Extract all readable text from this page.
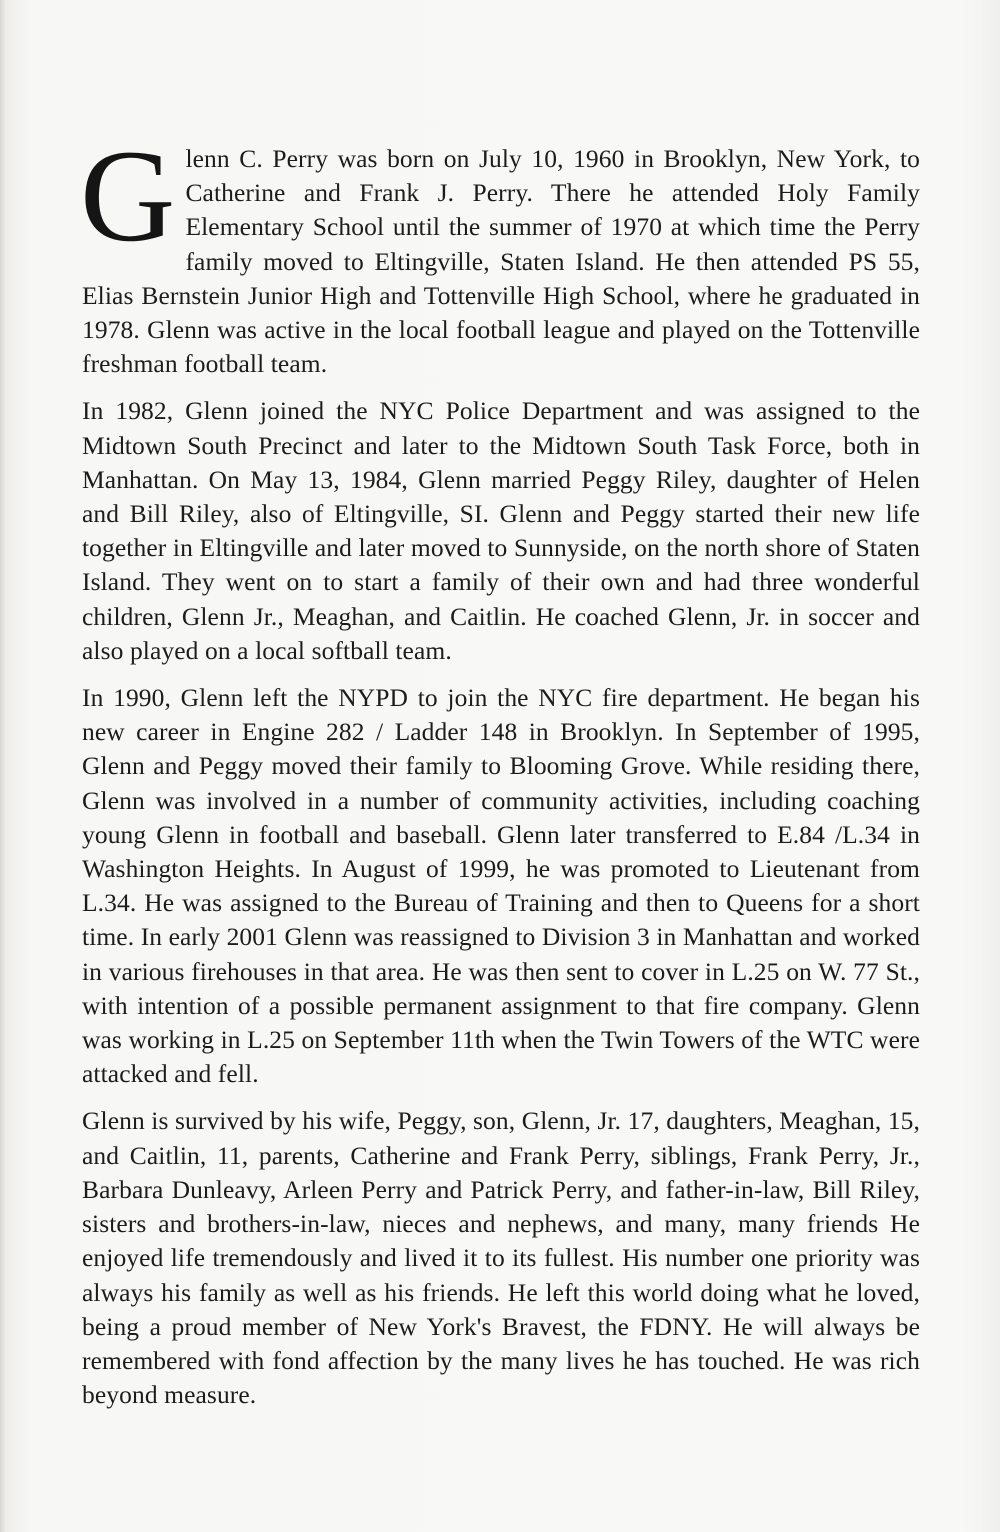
Glenn C. Perry was born on July 10, 1960 in Brooklyn, New York, to Catherine and Frank J. Perry. There he attended Holy Family Elementary School until the summer of 1970 at which time the Perry family moved to Eltingville, Staten Island. He then attended PS 55, Elias Bernstein Junior High and Tottenville High School, where he graduated in 1978. Glenn was active in the local football league and played on the Tottenville freshman football team.

In 1982, Glenn joined the NYC Police Department and was assigned to the Midtown South Precinct and later to the Midtown South Task Force, both in Manhattan. On May 13, 1984, Glenn married Peggy Riley, daughter of Helen and Bill Riley, also of Eltingville, SI. Glenn and Peggy started their new life together in Eltingville and later moved to Sunnyside, on the north shore of Staten Island. They went on to start a family of their own and had three wonderful children, Glenn Jr., Meaghan, and Caitlin. He coached Glenn, Jr. in soccer and also played on a local softball team.

In 1990, Glenn left the NYPD to join the NYC fire department. He began his new career in Engine 282 / Ladder 148 in Brooklyn. In September of 1995, Glenn and Peggy moved their family to Blooming Grove. While residing there, Glenn was involved in a number of community activities, including coaching young Glenn in football and baseball. Glenn later transferred to E.84 /L.34 in Washington Heights. In August of 1999, he was promoted to Lieutenant from L.34. He was assigned to the Bureau of Training and then to Queens for a short time. In early 2001 Glenn was reassigned to Division 3 in Manhattan and worked in various firehouses in that area. He was then sent to cover in L.25 on W. 77 St., with intention of a possible permanent assignment to that fire company. Glenn was working in L.25 on September 11th when the Twin Towers of the WTC were attacked and fell.

Glenn is survived by his wife, Peggy, son, Glenn, Jr. 17, daughters, Meaghan, 15, and Caitlin, 11, parents, Catherine and Frank Perry, siblings, Frank Perry, Jr., Barbara Dunleavy, Arleen Perry and Patrick Perry, and father-in-law, Bill Riley, sisters and brothers-in-law, nieces and nephews, and many, many friends He enjoyed life tremendously and lived it to its fullest. His number one priority was always his family as well as his friends. He left this world doing what he loved, being a proud member of New York's Bravest, the FDNY. He will always be remembered with fond affection by the many lives he has touched. He was rich beyond measure.
